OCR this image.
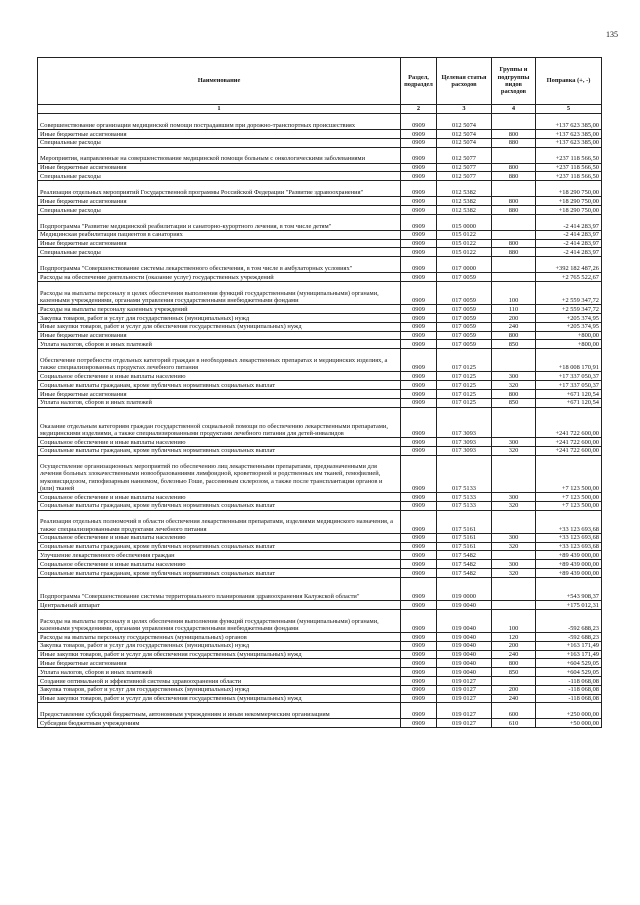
135
Наименование	Раздел, подраздел	Целевая статья расходов	Группы и подгруппы видов расходов	Поправка (+, -)
1	2	3	4	5
Совершенствование организации медицинской помощи пострадавшим при дорожно-транспортных происшествиях	0909	012 5074		+137 623 385,00
Иные бюджетные ассигнования	0909	012 5074	800	+137 623 385,00
Специальные расходы	0909	012 5074	880	+137 623 385,00
Мероприятия, направленные на совершенствование медицинской помощи больным с онкологическими заболеваниями	0909	012 5077		+237 118 566,50
Иные бюджетные ассигнования	0909	012 5077	800	+237 118 566,50
Специальные расходы	0909	012 5077	880	+237 118 566,50
Реализация отдельных мероприятий Государственной программы Российской Федерации "Развитие здравоохранения"	0909	012 5382		+18 290 750,00
Иные бюджетные ассигнования	0909	012 5382	800	+18 290 750,00
Специальные расходы	0909	012 5382	880	+18 290 750,00
Подпрограмма "Развитие медицинской реабилитации и санаторно-курортного лечения, в том числе детям"	0909	015 0000		-2 414 283,97
Медицинская реабилитация пациентов в санаториях	0909	015 0122		-2 414 283,97
Иные бюджетные ассигнования	0909	015 0122	800	-2 414 283,97
Специальные расходы	0909	015 0122	880	-2 414 283,97
Подпрограмма "Совершенствование системы лекарственного обеспечения, в том числе в амбулаторных условиях"	0909	017 0000		+392 182 487,26
Расходы на обеспечение деятельности (оказание услуг) государственных учреждений	0909	017 0059		+2 765 522,67
Расходы на выплаты персоналу в целях обеспечения выполнения функций государственными (муниципальными) органами, казенными учреждениями, органами управления государственными внебюджетными фондами	0909	017 0059	100	+2 559 347,72
Расходы на выплаты персоналу казенных учреждений	0909	017 0059	110	+2 559 347,72
Закупка товаров, работ и услуг для государственных (муниципальных) нужд	0909	017 0059	200	+205 374,95
Иные закупки товаров, работ и услуг для обеспечения государственных (муниципальных) нужд	0909	017 0059	240	+205 374,95
Иные бюджетные ассигнования	0909	017 0059	800	+800,00
Уплата налогов, сборов и иных платежей	0909	017 0059	850	+800,00
Обеспечение потребности отдельных категорий граждан в необходимых лекарственных препаратах и медицинских изделиях, а также специализированных продуктах лечебного питания	0909	017 0125		+18 008 170,91
Социальное обеспечение и иные выплаты населению	0909	017 0125	300	+17 337 050,37
Социальные выплаты гражданам, кроме публичных нормативных социальных выплат	0909	017 0125	320	+17 337 050,37
Иные бюджетные ассигнования	0909	017 0125	800	+671 120,54
Уплата налогов, сборов и иных платежей	0909	017 0125	850	+671 120,54
Оказание отдельным категориям граждан государственной социальной помощи по обеспечению лекарственными препаратами, медицинскими изделиями, а также специализированными продуктами лечебного питания для детей-инвалидов	0909	017 3093		+241 722 600,00
Социальное обеспечение и иные выплаты населению	0909	017 3093	300	+241 722 600,00
Социальные выплаты гражданам, кроме публичных нормативных социальных выплат	0909	017 3093	320	+241 722 600,00
Осуществление организационных мероприятий по обеспечению лиц лекарственными препаратами, предназначенными для лечения больных злокачественными новообразованиями лимфоидной, кроветворной и родственных им тканей, гемофилией, муковисцидозом, гипофизарным нанизмом, болезнью Гоше, рассеянным склерозом, а также после трансплантации органов и (или) тканей	0909	017 5133		+7 123 500,00
Социальное обеспечение и иные выплаты населению	0909	017 5133	300	+7 123 500,00
Социальные выплаты гражданам, кроме публичных нормативных социальных выплат	0909	017 5133	320	+7 123 500,00
Реализация отдельных полномочий в области обеспечения лекарственными препаратами, изделиями медицинского назначения, а также специализированными продуктами лечебного питания	0909	017 5161		+33 123 693,68
Социальное обеспечение и иные выплаты населению	0909	017 5161	300	+33 123 693,68
Социальные выплаты гражданам, кроме публичных нормативных социальных выплат	0909	017 5161	320	+33 123 693,68
Улучшение лекарственного обеспечения граждан	0909	017 5482		+89 439 000,00
Социальное обеспечение и иные выплаты населению	0909	017 5482	300	+89 439 000,00
Социальные выплаты гражданам, кроме публичных нормативных социальных выплат	0909	017 5482	320	+89 439 000,00
Подпрограмма "Совершенствование системы территориального планирования здравоохранения Калужской области"	0909	019 0000		+543 908,37
Центральный аппарат	0909	019 0040		+175 012,31
Расходы на выплаты персоналу в целях обеспечения выполнения функций государственными (муниципальными) органами, казенными учреждениями, органами управления государственными внебюджетными фондами	0909	019 0040	100	-592 688,23
Расходы на выплаты персоналу государственных (муниципальных) органов	0909	019 0040	120	-592 688,23
Закупка товаров, работ и услуг для государственных (муниципальных) нужд	0909	019 0040	200	+163 171,49
Иные закупки товаров, работ и услуг для обеспечения государственных (муниципальных) нужд	0909	019 0040	240	+163 171,49
Иные бюджетные ассигнования	0909	019 0040	800	+604 529,05
Уплата налогов, сборов и иных платежей	0909	019 0040	850	+604 529,05
Создание оптимальной и эффективной системы здравоохранения области	0909	019 0127		-118 068,08
Закупка товаров, работ и услуг для государственных (муниципальных) нужд	0909	019 0127	200	-118 068,08
Иные закупки товаров, работ и услуг для обеспечения государственных (муниципальных) нужд	0909	019 0127	240	-118 068,08
Предоставление субсидий бюджетным, автономным учреждениям и иным некоммерческим организациям	0909	019 0127	600	+250 000,00
Субсидии бюджетным учреждениям	0909	019 0127	610	+50 000,00
